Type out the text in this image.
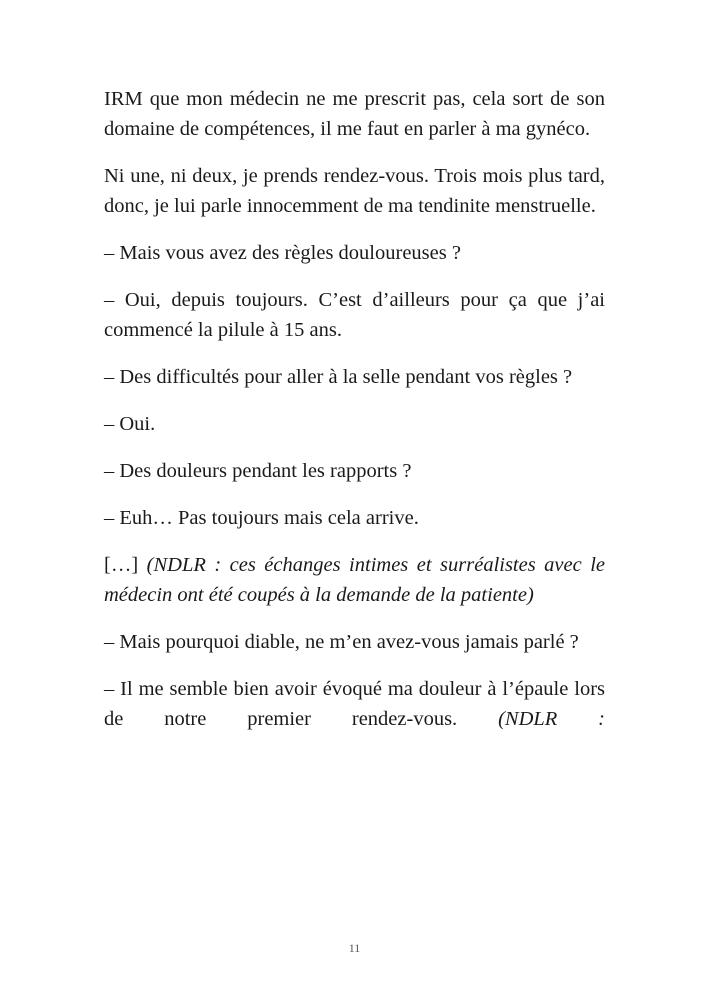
IRM que mon médecin ne me prescrit pas, cela sort de son domaine de compétences, il me faut en parler à ma gynéco.

Ni une, ni deux, je prends rendez-vous. Trois mois plus tard, donc, je lui parle innocemment de ma tendinite menstruelle.

– Mais vous avez des règles douloureuses ?

– Oui, depuis toujours. C’est d’ailleurs pour ça que j’ai commencé la pilule à 15 ans.

– Des difficultés pour aller à la selle pendant vos règles ?

– Oui.

– Des douleurs pendant les rapports ?

– Euh… Pas toujours mais cela arrive.

[…] (NDLR : ces échanges intimes et surréalistes avec le médecin ont été coupés à la demande de la patiente)

– Mais pourquoi diable, ne m’en avez-vous jamais parlé ?

– Il me semble bien avoir évoqué ma douleur à l’épaule lors de notre premier rendez-vous. (NDLR :

11
